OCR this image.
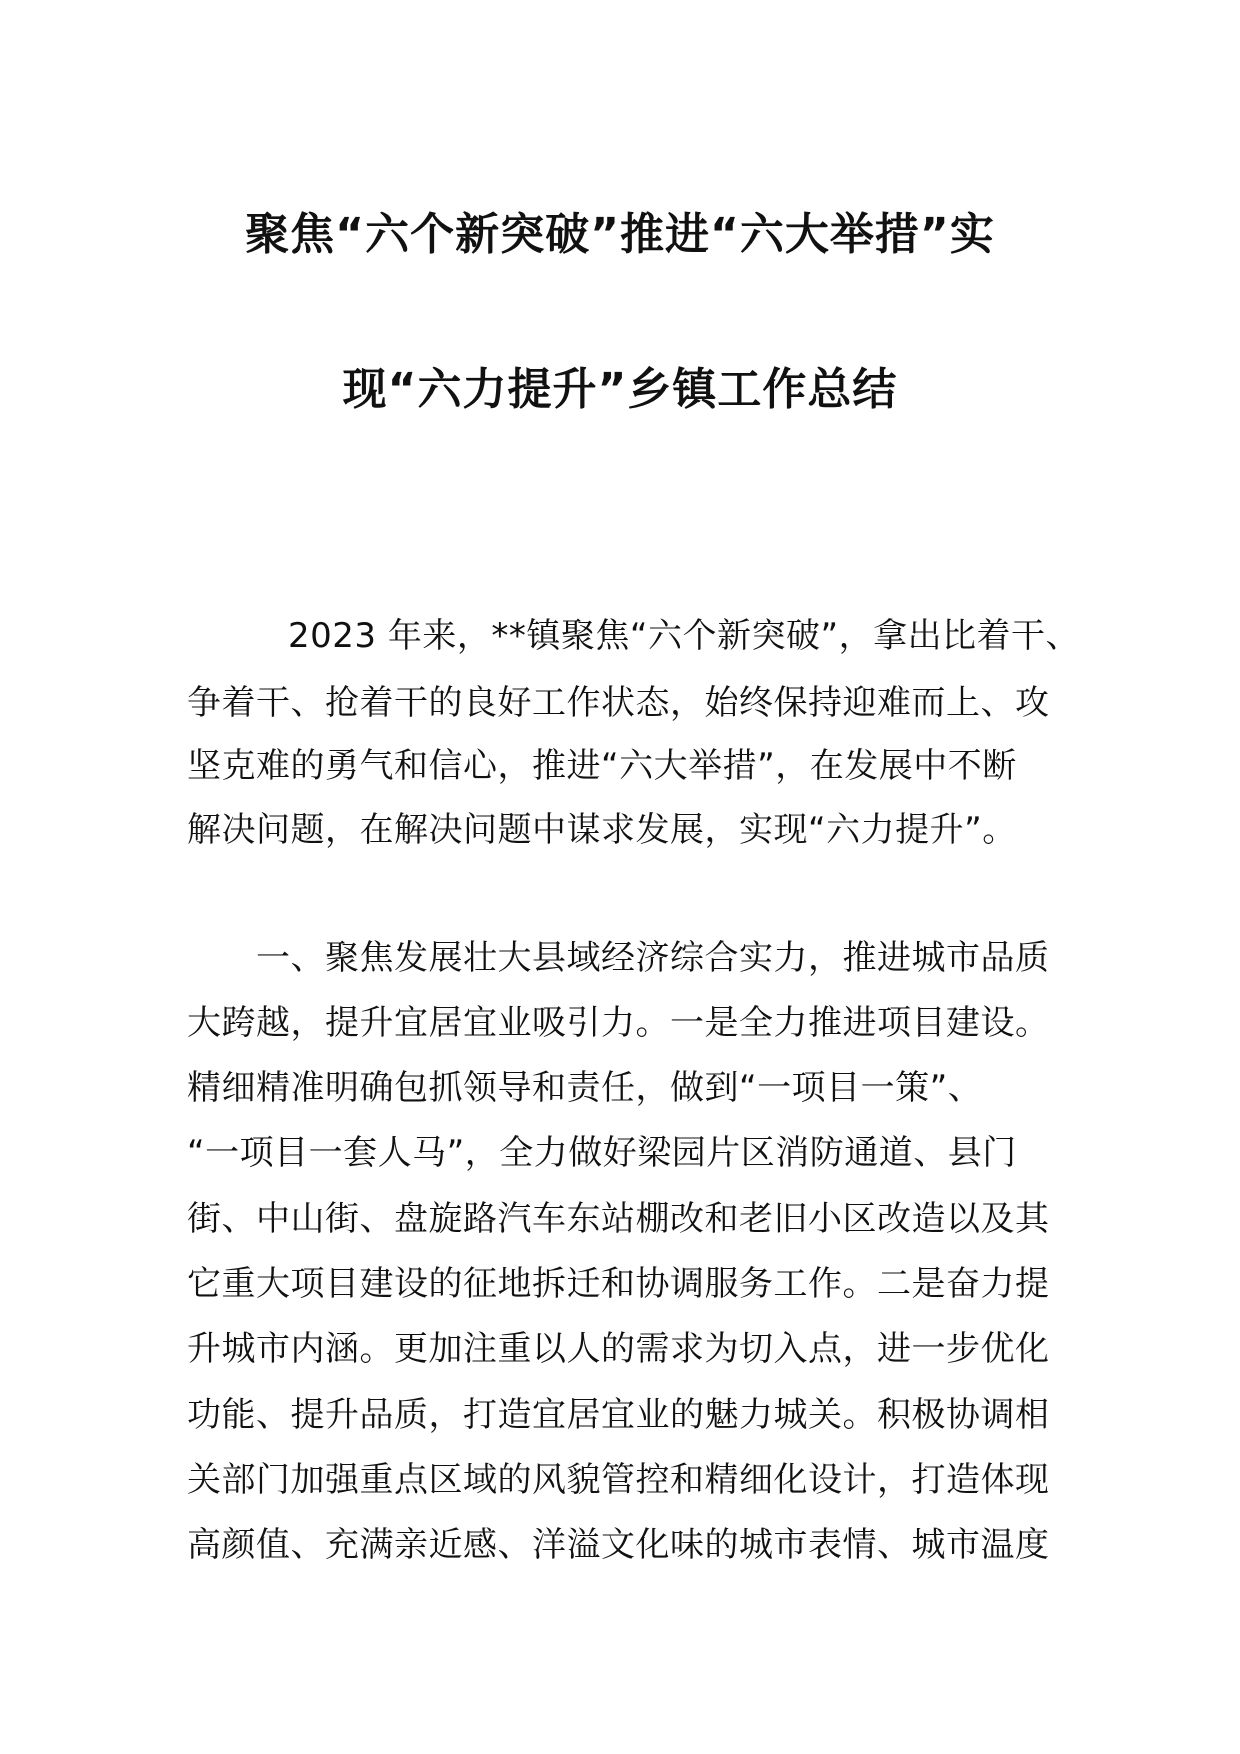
聚焦“六个新突破”推进“六大举措”实
现“六力提升”乡镇工作总结
2023 年来，**镇聚焦“六个新突破”，拿出比着干、
争着干、抢着干的良好工作状态，始终保持迎难而上、攻
坚克难的勇气和信心，推进“六大举措”，在发展中不断
解决问题，在解决问题中谋求发展，实现“六力提升”。
一、聚焦发展壮大县域经济综合实力，推进城市品质
大跨越，提升宜居宜业吸引力。一是全力推进项目建设。
精细精准明确包抓领导和责任，做到“一项目一策”、
“一项目一套人马”，全力做好梁园片区消防通道、县门
街、中山街、盘旋路汽车东站棚改和老旧小区改造以及其
它重大项目建设的征地拆迁和协调服务工作。二是奋力提
升城市内涵。更加注重以人的需求为切入点，进一步优化
功能、提升品质，打造宜居宜业的魅力城关。积极协调相
关部门加强重点区域的风貌管控和精细化设计，打造体现
高颜值、充满亲近感、洋溢文化味的城市表情、城市温度
